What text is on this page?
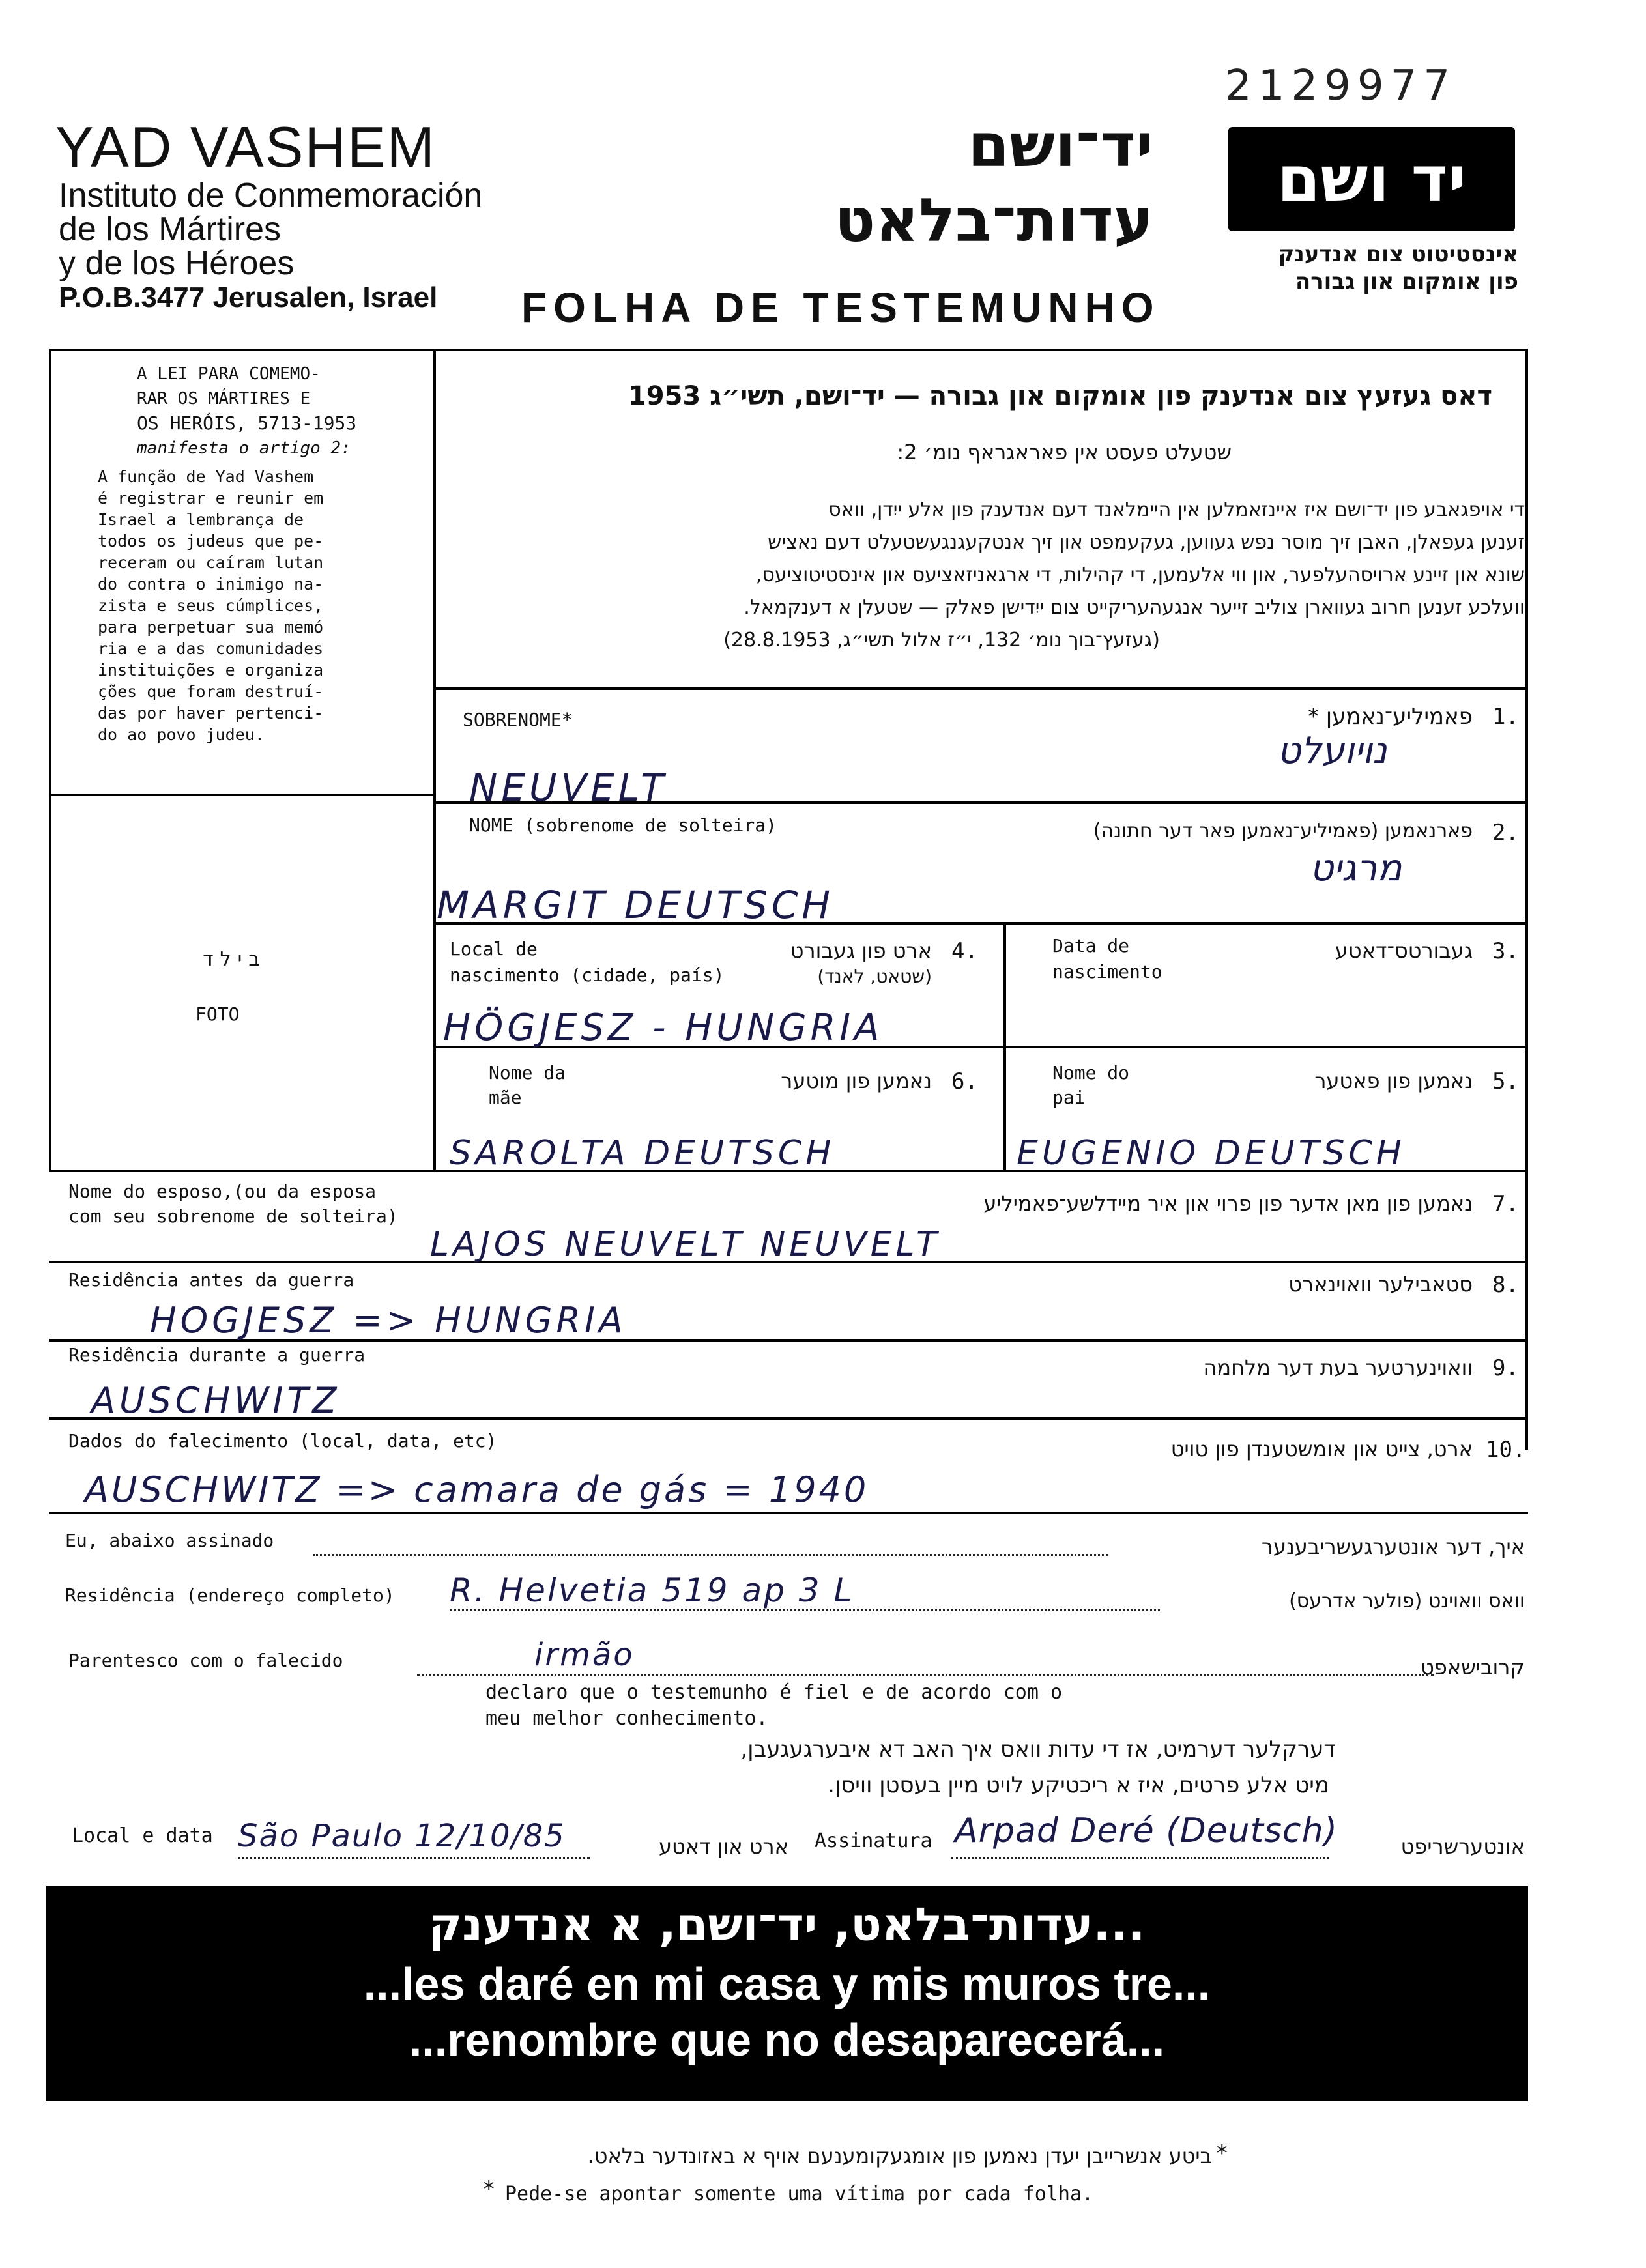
2129977
YAD VASHEM
Instituto de Conmemoración
de los Mártires
y de los Héroes
P.O.B.3477 Jerusalen, Israel
יד־ושם
עדות־בלאט
יד ושם
אינסטיטוט צום אנדענק
פון אומקום און גבורה
FOLHA DE TESTEMUNHO
A LEI PARA COMEMO-
RAR OS MÁRTIRES E
OS HERÓIS, 5713-1953
manifesta o artigo 2:
A função de Yad Vashem
é registrar e reunir em
Israel a lembrança de
todos os judeus que pe-
receram ou caíram lutan
do contra o inimigo na-
zista e seus cúmplices,
para perpetuar sua memó
ria e a das comunidades
instituições e organiza
ções que foram destruí-
das por haver pertenci-
do ao povo judeu.
בילד
FOTO
דאס געזעץ צום אנדענק פון אומקום און גבורה — יד־ושם, תשי״ג 1953
שטעלט פעסט אין פאראגראף נומ׳ 2:
די אויפגאבע פון יד־ושם איז איינזאמלען אין היימלאנד דעם אנדענק פון אלע ייִדן, וואס
זענען געפאלן, האבן זיך מוסר נפש געווען, געקעמפט און זיך אנטקעגנגעשטעלט דעם נאציש
שונא און זיינע ארויסהעלפער, און ווי אלעמען, די קהילות, די ארגאניזאציעס און אינסטיטוציעס,
וועלכע זענען חרוב געווארן צוליב זייער אנגעהעריקייט צום ייִדישן פאלק — שטעלן א דענקמאל.
(געזעץ־בוך נומ׳ 132, י״ז אלול תשי״ג, 28.8.1953)
SOBRENOME*	פאמיליע־נאמען * 1.
נויועלט
NEUVELT
NOME (sobrenome de solteira)	פארנאמען (פאמיליע־נאמען פאר דער חתונה) 2.
מרגיט
MARGIT DEUTSCH
Local de
nascimento (cidade, país)
ארט פון געבורט
(שטאט, לאנד)
4.
HÖGJESZ - HUNGRIA
Data de
nascimento
געבורטס־דאטע 3.
Nome da
mãe
נאמען פון מוטער 6.
SAROLTA DEUTSCH
Nome do
pai
נאמען פון פאטער 5.
EUGENIO DEUTSCH
Nome do esposo,(ou da esposa
com seu sobrenome de solteira)
נאמען פון מאן אדער פון פרוי און איר מיידלשע־פאמיליע 7.
LAJOS NEUVELT NEUVELT
Residência antes da guerra	סטאבילער וואוינארט 8.
HOGJESZ => HUNGRIA
Residência durante a guerra
וואוינערטער בעת דער מלחמה 9.
AUSCHWITZ
Dados do falecimento (local, data, etc)	ארט, צייט און אומשטענדן פון טויט 10.
AUSCHWITZ => camara de gás = 1940
Eu, abaixo assinado	איך, דער אונטערגעשריבענער
Residência (endereço completo) R. Helvetia 519 ap 3 L	וואס וואוינט (פולער אדרעס)
Parentesco com o falecido	irmão	קרובישאפט
declaro que o testemunho é fiel e de acordo com o
meu melhor conhecimento.
דערקלער דערמיט, אז די עדות וואס איך האב דא איבערגעגעבן,
מיט אלע פרטים, איז א ריכטיקע לויט מיין בעסטן וויסן.
Local e data São Paulo 12/10/85	ארט און דאטע Assinatura Arpad Deré (Deutsch)	אונטערשריפט
...עדות־בלאט, יד־ושם, א אנדענק
...les daré en mi casa y mis muros tre...
...renombre que no desaparecerá...
ביטע אנשרייבן יעדן נאמען פון אומגעקומענעם אויף א באזונדער בלאט. *
* Pede-se apontar somente uma vítima por cada folha.
